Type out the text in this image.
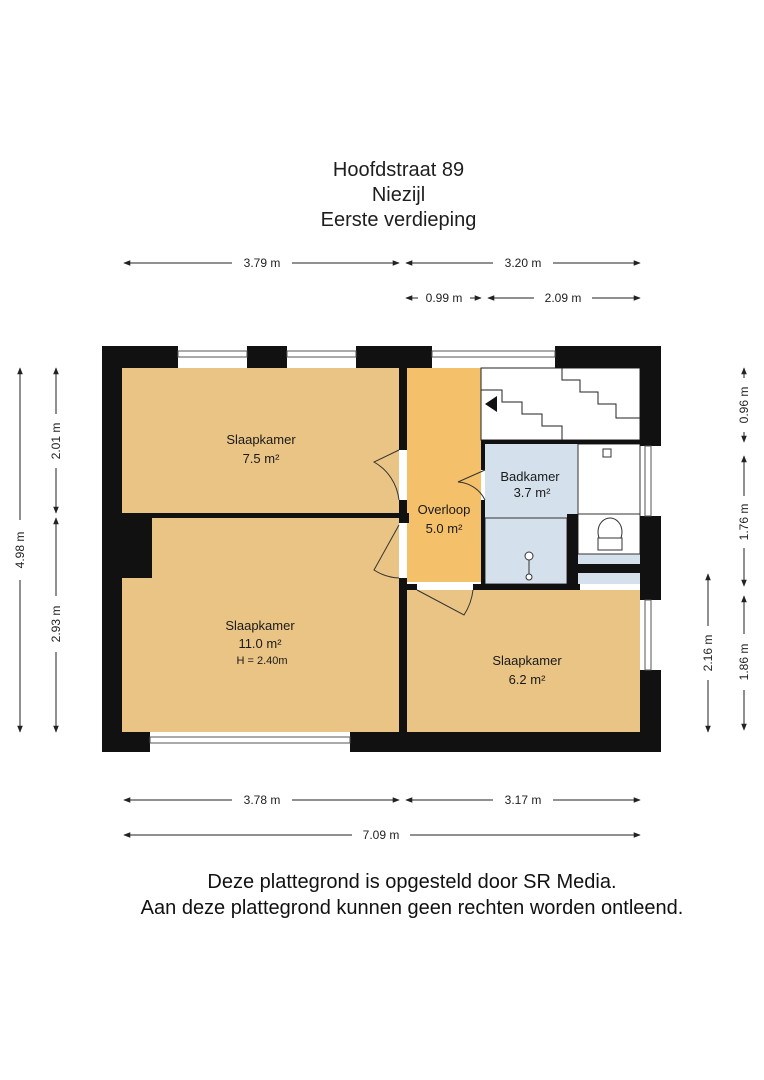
Hoofdstraat 89
Niezijl
Eerste verdieping
Slaapkamer
7.5 m²
Slaapkamer
11.0 m²
H = 2.40m
Overloop
5.0 m²
Badkamer
3.7 m²
Slaapkamer
6.2 m²
3.79 m	3.20 m
0.99 m	2.09 m
3.78 m	3.17 m
7.09 m
4.98 m
2.01 m
2.93 m
0.96 m
1.76 m
2.16 m 1.86 m
Deze plattegrond is opgesteld door SR Media.
Aan deze plattegrond kunnen geen rechten worden ontleend.
